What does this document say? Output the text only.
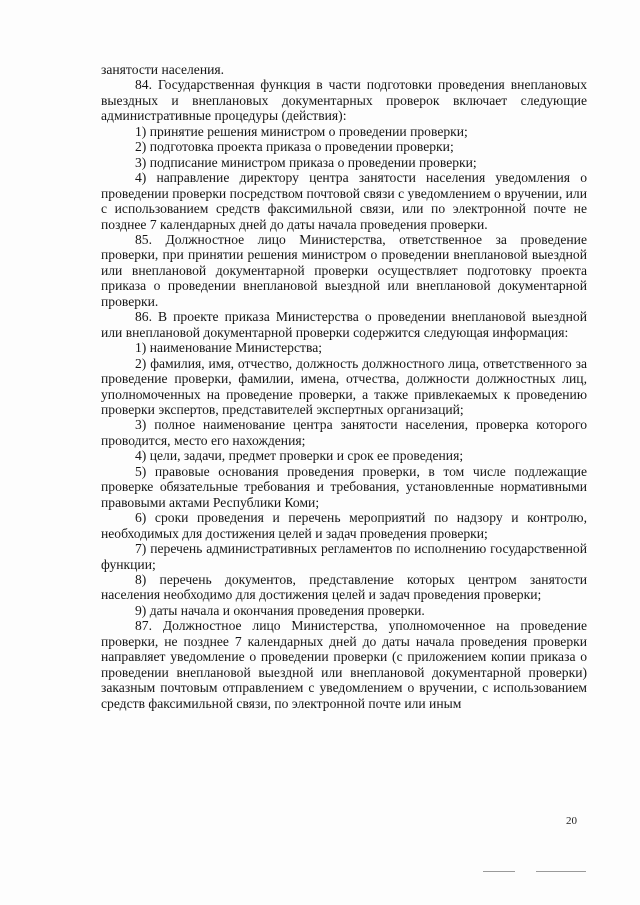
занятости населения.

84. Государственная функция в части подготовки проведения внеплановых выездных и внеплановых документарных проверок включает следующие административные процедуры (действия):

1) принятие решения министром о проведении проверки;

2) подготовка проекта приказа о проведении проверки;

3) подписание министром приказа о проведении проверки;

4) направление директору центра занятости населения уведомления о проведении проверки посредством почтовой связи с уведомлением о вручении, или с использованием средств факсимильной связи, или по электронной почте не позднее 7 календарных дней до даты начала проведения проверки.

85. Должностное лицо Министерства, ответственное за проведение проверки, при принятии решения министром о проведении внеплановой выездной или внеплановой документарной проверки осуществляет подготовку проекта приказа о проведении внеплановой выездной или внеплановой документарной проверки.

86. В проекте приказа Министерства о проведении внеплановой выездной или внеплановой документарной проверки содержится следующая информация:

1) наименование Министерства;

2) фамилия, имя, отчество, должность должностного лица, ответственного за проведение проверки, фамилии, имена, отчества, должности должностных лиц, уполномоченных на проведение проверки, а также привлекаемых к проведению проверки экспертов, представителей экспертных организаций;

3) полное наименование центра занятости населения, проверка которого проводится, место его нахождения;

4) цели, задачи, предмет проверки и срок ее проведения;

5) правовые основания проведения проверки, в том числе подлежащие проверке обязательные требования и требования, установленные нормативными правовыми актами Республики Коми;

6) сроки проведения и перечень мероприятий по надзору и контролю, необходимых для достижения целей и задач проведения проверки;

7) перечень административных регламентов по исполнению государственной функции;

8) перечень документов, представление которых центром занятости населения необходимо для достижения целей и задач проведения проверки;

9) даты начала и окончания проведения проверки.

87. Должностное лицо Министерства, уполномоченное на проведение проверки, не позднее 7 календарных дней до даты начала проведения проверки направляет уведомление о проведении проверки (с приложением копии приказа о проведении внеплановой выездной или внеплановой документарной проверки) заказным почтовым отправлением с уведомлением о вручении, с использованием средств факсимильной связи, по электронной почте или иным

20
